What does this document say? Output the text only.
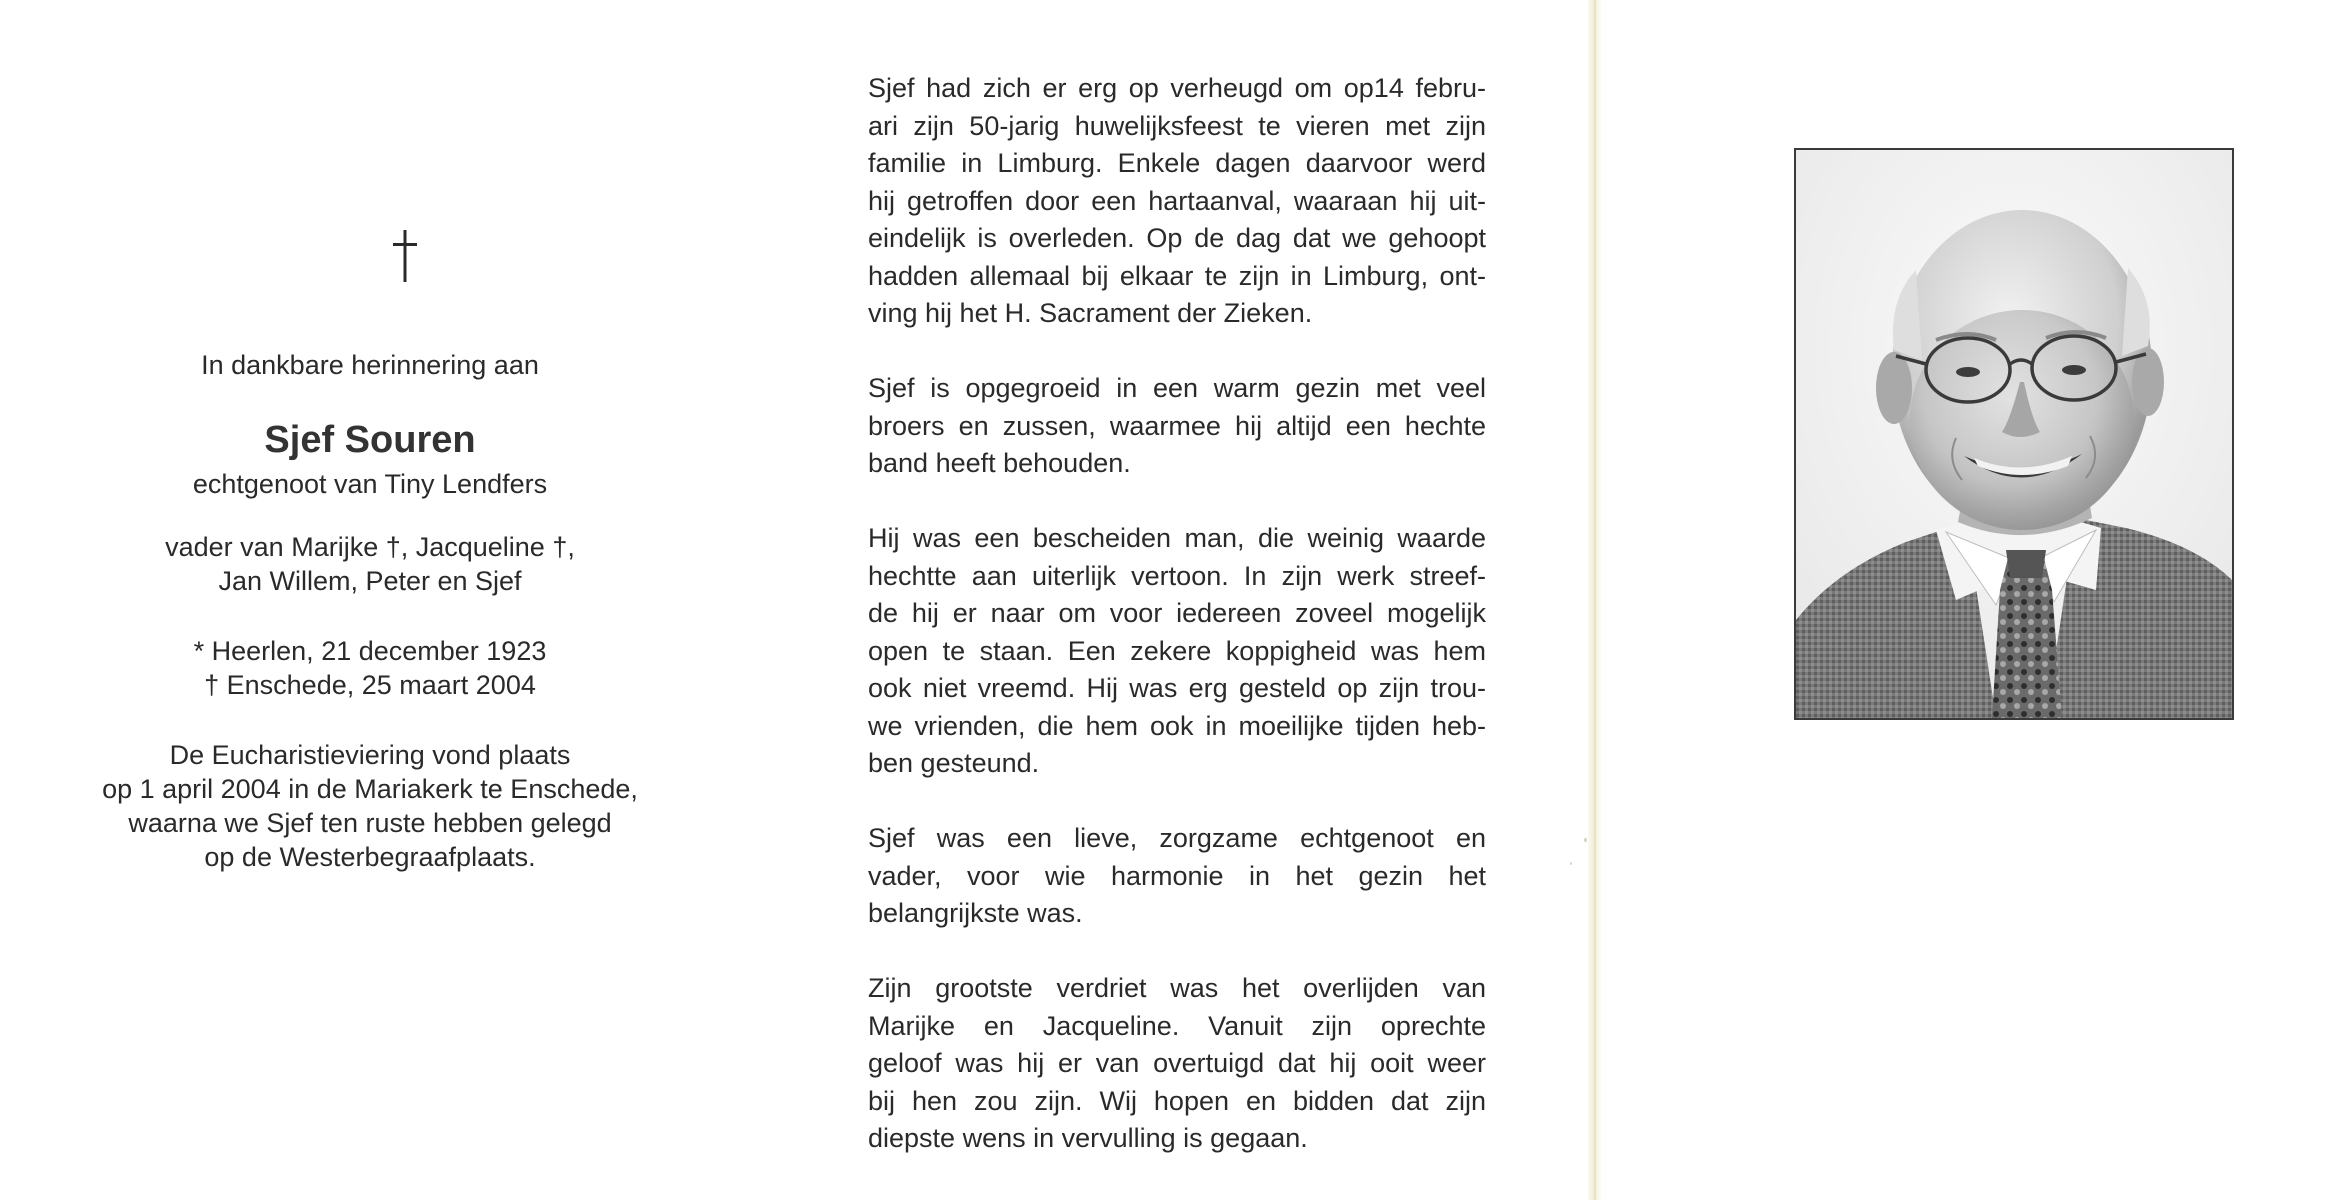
In dankbare herinnering aan
Sjef Souren
echtgenoot van Tiny Lendfers
vader van Marijke †, Jacqueline †,
Jan Willem, Peter en Sjef
* Heerlen, 21 december 1923
† Enschede, 25 maart 2004
De Eucharistieviering vond plaats
op 1 april 2004 in de Mariakerk te Enschede,
waarna we Sjef ten ruste hebben gelegd
op de Westerbegraafplaats.
Sjef had zich er erg op verheugd om op14 febru-
ari zijn 50-jarig huwelijksfeest te vieren met zijn
familie in Limburg. Enkele dagen daarvoor werd
hij getroffen door een hartaanval, waaraan hij uit-
eindelijk is overleden. Op de dag dat we gehoopt
hadden allemaal bij elkaar te zijn in Limburg, ont-
ving hij het H. Sacrament der Zieken.
Sjef is opgegroeid in een warm gezin met veel
broers en zussen, waarmee hij altijd een hechte
band heeft behouden.
Hij was een bescheiden man, die weinig waarde
hechtte aan uiterlijk vertoon. In zijn werk streef-
de hij er naar om voor iedereen zoveel mogelijk
open te staan. Een zekere koppigheid was hem
ook niet vreemd. Hij was erg gesteld op zijn trou-
we vrienden, die hem ook in moeilijke tijden heb-
ben gesteund.
Sjef was een lieve, zorgzame echtgenoot en
vader, voor wie harmonie in het gezin het
belangrijkste was.
Zijn grootste verdriet was het overlijden van
Marijke en Jacqueline. Vanuit zijn oprechte
geloof was hij er van overtuigd dat hij ooit weer
bij hen zou zijn. Wij hopen en bidden dat zijn
diepste wens in vervulling is gegaan.
